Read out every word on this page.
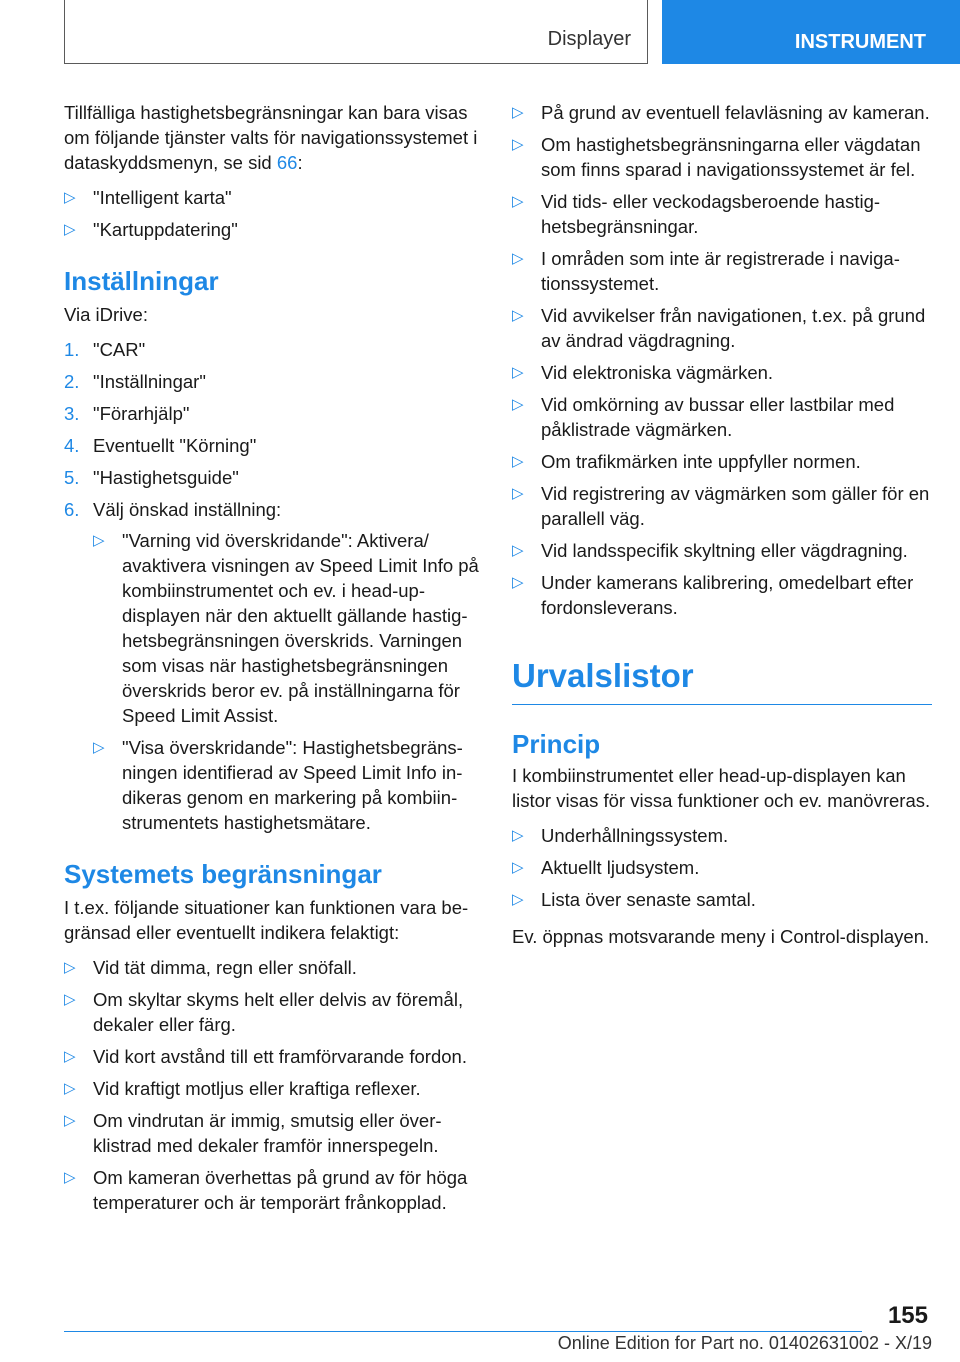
Displayer	INSTRUMENT

Tillfälliga hastighetsbegränsningar kan bara visas om följande tjänster valts för navigationssystemet i dataskyddsmenyn, se sid 66:

▷ "Intelligent karta"
▷ "Kartuppdatering"
Inställningar

Via iDrive:

1. "CAR"
2. "Inställningar"
3. "Förarhjälp"
4. Eventuellt "Körning"
5. "Hastighetsguide"
6. Välj önskad inställning:
▷ "Varning vid överskridande": Aktivera/ avaktivera visningen av Speed Limit Info på kombiinstrumentet och ev. i head-up-displayen när den aktuellt gällande hastighetsbegränsningen överskrids. Varningen som visas när hastighetsbegränsningen överskrids beror ev. på inställningarna för Speed Limit Assist.
▷ "Visa överskridande": Hastighetsbegränsningen identifierad av Speed Limit Info indikeras genom en markering på kombiinstrumentets hastighetsmätare.
Systemets begränsningar

I t.ex. följande situationer kan funktionen vara begränsad eller eventuellt indikera felaktigt:

▷ Vid tät dimma, regn eller snöfall.
▷ Om skyltar skyms helt eller delvis av föremål, dekaler eller färg.
▷ Vid kort avstånd till ett framförvarande fordon.
▷ Vid kraftigt motljus eller kraftiga reflexer.
▷ Om vindrutan är immig, smutsig eller överklistrad med dekaler framför innerspegeln.
▷ Om kameran överhettas på grund av för höga temperaturer och är temporärt frånkopplad.
▷ På grund av eventuell felavläsning av kameran.
▷ Om hastighetsbegränsningarna eller vägdatan som finns sparad i navigationssystemet är fel.
▷ Vid tids- eller veckodagsberoende hastighetsbegränsningar.
▷ I områden som inte är registrerade i navigationssystemet.
▷ Vid avvikelser från navigationen, t.ex. på grund av ändrad vägdragning.
▷ Vid elektroniska vägmärken.
▷ Vid omkörning av bussar eller lastbilar med påklistrade vägmärken.
▷ Om trafikmärken inte uppfyller normen.
▷ Vid registrering av vägmärken som gäller för en parallell väg.
▷ Vid landsspecifik skyltning eller vägdragning.
▷ Under kamerans kalibrering, omedelbart efter fordonsleverans.
Urvalslistor
Princip

I kombiinstrumentet eller head-up-displayen kan listor visas för vissa funktioner och ev. manövreras.

▷ Underhållningssystem.
▷ Aktuellt ljudsystem.
▷ Lista över senaste samtal.

Ev. öppnas motsvarande meny i Control-displayen.

155
Online Edition for Part no. 01402631002 - X/19
